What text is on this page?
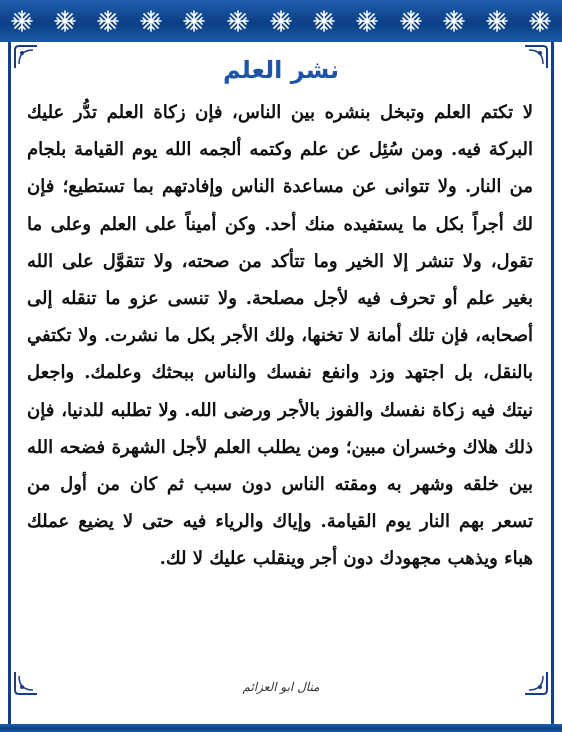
نشر العلم
لا تكتم العلم وتبخل بنشره بين الناس، فإن زكاة العلم تدُّر عليك البركة فيه. ومن سُئِل عن علم وكتمه ألجمه الله يوم القيامة بلجام من النار. ولا تتوانى عن مساعدة الناس وإفادتهم بما تستطيع؛ فإن لك أجراً بكل ما يستفيده منك أحد. وكن أميناً على العلم وعلى ما تقول، ولا تنشر إلا الخير وما تتأكد من صحته، ولا تتقوَّل على الله بغير علم أو تحرف فيه لأجل مصلحة. ولا تنسى عزو ما تنقله إلى أصحابه، فإن تلك أمانة لا تخنها، ولك الأجر بكل ما نشرت. ولا تكتفي بالنقل، بل اجتهد وزد وانفع نفسك والناس ببحثك وعلمك. واجعل نيتك فيه زكاة نفسك والفوز بالأجر ورضى الله. ولا تطلبه للدنيا، فإن ذلك هلاك وخسران مبين؛ ومن يطلب العلم لأجل الشهرة فضحه الله بين خلقه وشهر به ومقته الناس دون سبب ثم كان من أول من تسعر بهم النار يوم القيامة. وإياك والرياء فيه حتى لا يضيع عملك هباء ويذهب مجهودك دون أجر وينقلب عليك لا لك.
منال ابو العزائم
